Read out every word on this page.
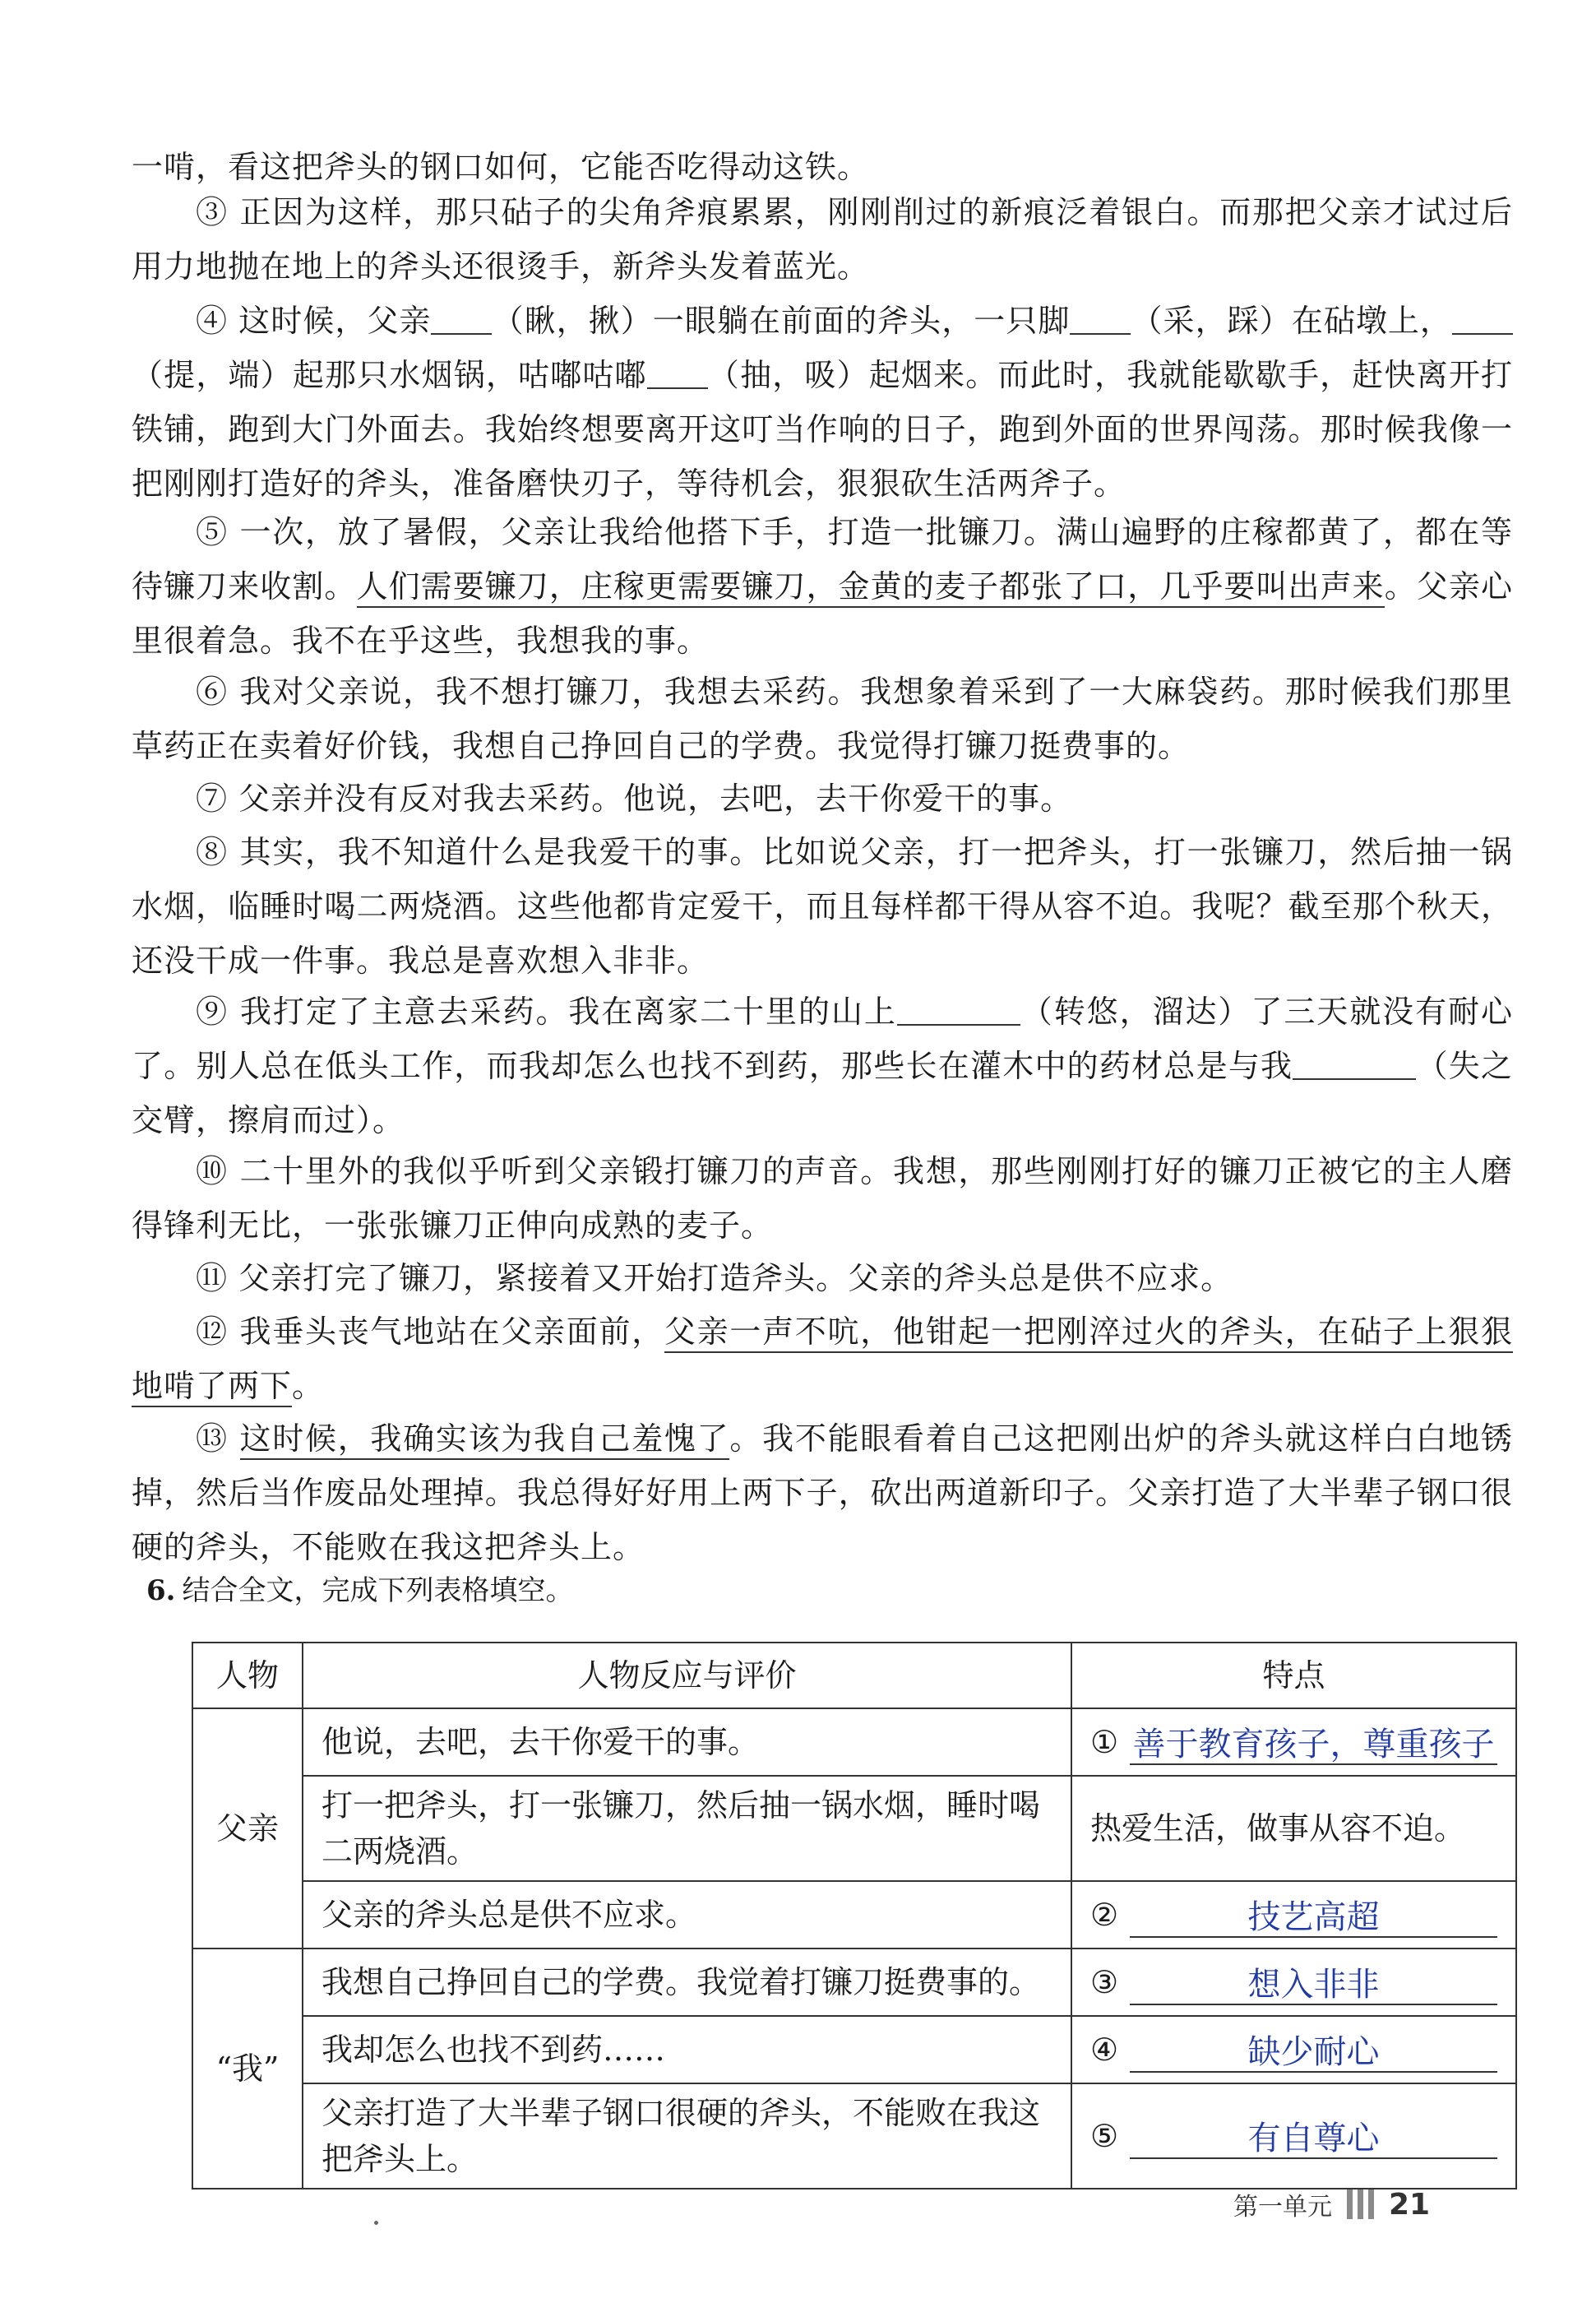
一啃，看这把斧头的钢口如何，它能否吃得动这铁。

③ 正因为这样，那只砧子的尖角斧痕累累，刚刚削过的新痕泛着银白。而那把父亲才试过后用力地抛在地上的斧头还很烫手，新斧头发着蓝光。

④ 这时候，父亲 （瞅，揪）一眼躺在前面的斧头，一只脚 （采，踩）在砧墩上，（提，端）起那只水烟锅，咕嘟咕嘟 （抽，吸）起烟来。而此时，我就能歇歇手，赶快离开打铁铺，跑到大门外面去。我始终想要离开这叮当作响的日子，跑到外面的世界闯荡。那时候我像一把刚刚打造好的斧头，准备磨快刃子，等待机会，狠狠砍生活两斧子。

⑤ 一次，放了暑假，父亲让我给他搭下手，打造一批镰刀。满山遍野的庄稼都黄了，都在等待镰刀来收割。人们需要镰刀，庄稼更需要镰刀，金黄的麦子都张了口，几乎要叫出声来。父亲心里很着急。我不在乎这些，我想我的事。

⑥ 我对父亲说，我不想打镰刀，我想去采药。我想象着采到了一大麻袋药。那时候我们那里草药正在卖着好价钱，我想自己挣回自己的学费。我觉得打镰刀挺费事的。

⑦ 父亲并没有反对我去采药。他说，去吧，去干你爱干的事。

⑧ 其实，我不知道什么是我爱干的事。比如说父亲，打一把斧头，打一张镰刀，然后抽一锅水烟，临睡时喝二两烧酒。这些他都肯定爱干，而且每样都干得从容不迫。我呢？截至那个秋天，还没干成一件事。我总是喜欢想入非非。

⑨ 我打定了主意去采药。我在离家二十里的山上	（转悠，溜达）了三天就没有耐心了。别人总在低头工作，而我却怎么也找不到药，那些长在灌木中的药材总是与我	（失之交臂，擦肩而过）。

⑩ 二十里外的我似乎听到父亲锻打镰刀的声音。我想，那些刚刚打好的镰刀正被它的主人磨得锋利无比，一张张镰刀正伸向成熟的麦子。

⑪ 父亲打完了镰刀，紧接着又开始打造斧头。父亲的斧头总是供不应求。

⑫ 我垂头丧气地站在父亲面前，父亲一声不吭，他钳起一把刚淬过火的斧头，在砧子上狠狠地啃了两下。

⑬ 这时候，我确实该为我自己羞愧了。我不能眼看着自己这把刚出炉的斧头就这样白白地锈掉，然后当作废品处理掉。我总得好好用上两下子，砍出两道新印子。父亲打造了大半辈子钢口很硬的斧头，不能败在我这把斧头上。

6. 结合全文，完成下列表格填空。
人物	人物反应与评价	特点
父亲	他说，去吧，去干你爱干的事。	① 善于教育孩子，尊重孩子

	打一把斧头，打一张镰刀，然后抽一锅水烟，睡时喝二两烧酒。	热爱生活，做事从容不迫。
	父亲的斧头总是供不应求。	② 技艺高超

“我”	我想自己挣回自己的学费。我觉着打镰刀挺费事的。	③ 想入非非

	我却怎么也找不到药……	④ 缺少耐心

	父亲打造了大半辈子钢口很硬的斧头，不能败在我这把斧头上。	⑤ 有自尊心
第一单元 21
